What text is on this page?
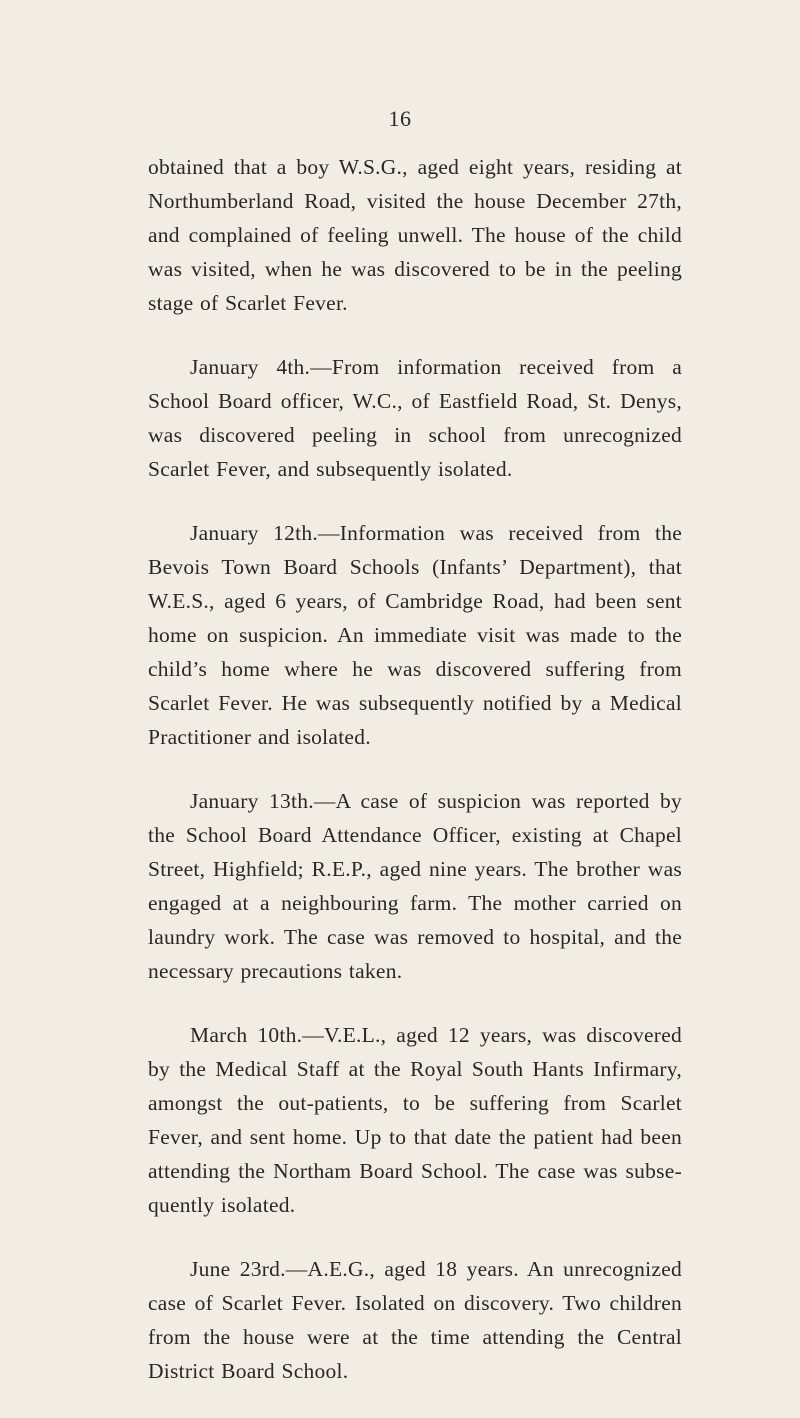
16

obtained that a boy W.S.G., aged eight years, residing at Northumberland Road, visited the house December 27th, and complained of feeling unwell. The house of the child was visited, when he was discovered to be in the peeling stage of Scarlet Fever.

January 4th.—From information received from a School Board officer, W.C., of Eastfield Road, St. Denys, was discovered peeling in school from unrecognized Scarlet Fever, and subsequently isolated.

January 12th.—Information was received from the Bevois Town Board Schools (Infants’ Department), that W.E.S., aged 6 years, of Cambridge Road, had been sent home on suspicion. An immediate visit was made to the child’s home where he was discovered suffering from Scarlet Fever. He was subsequently notified by a Medical Practitioner and isolated.

January 13th.—A case of suspicion was reported by the School Board Attendance Officer, existing at Chapel Street, Highfield; R.E.P., aged nine years. The brother was engaged at a neighbouring farm. The mother carried on laundry work. The case was removed to hospital, and the necessary precautions taken.

March 10th.—V.E.L., aged 12 years, was discovered by the Medical Staff at the Royal South Hants Infirmary, amongst the out-patients, to be suffering from Scarlet Fever, and sent home. Up to that date the patient had been attending the Northam Board School. The case was subse-quently isolated.

June 23rd.—A.E.G., aged 18 years. An unrecognized case of Scarlet Fever. Isolated on discovery. Two children from the house were at the time attending the Central District Board School.
